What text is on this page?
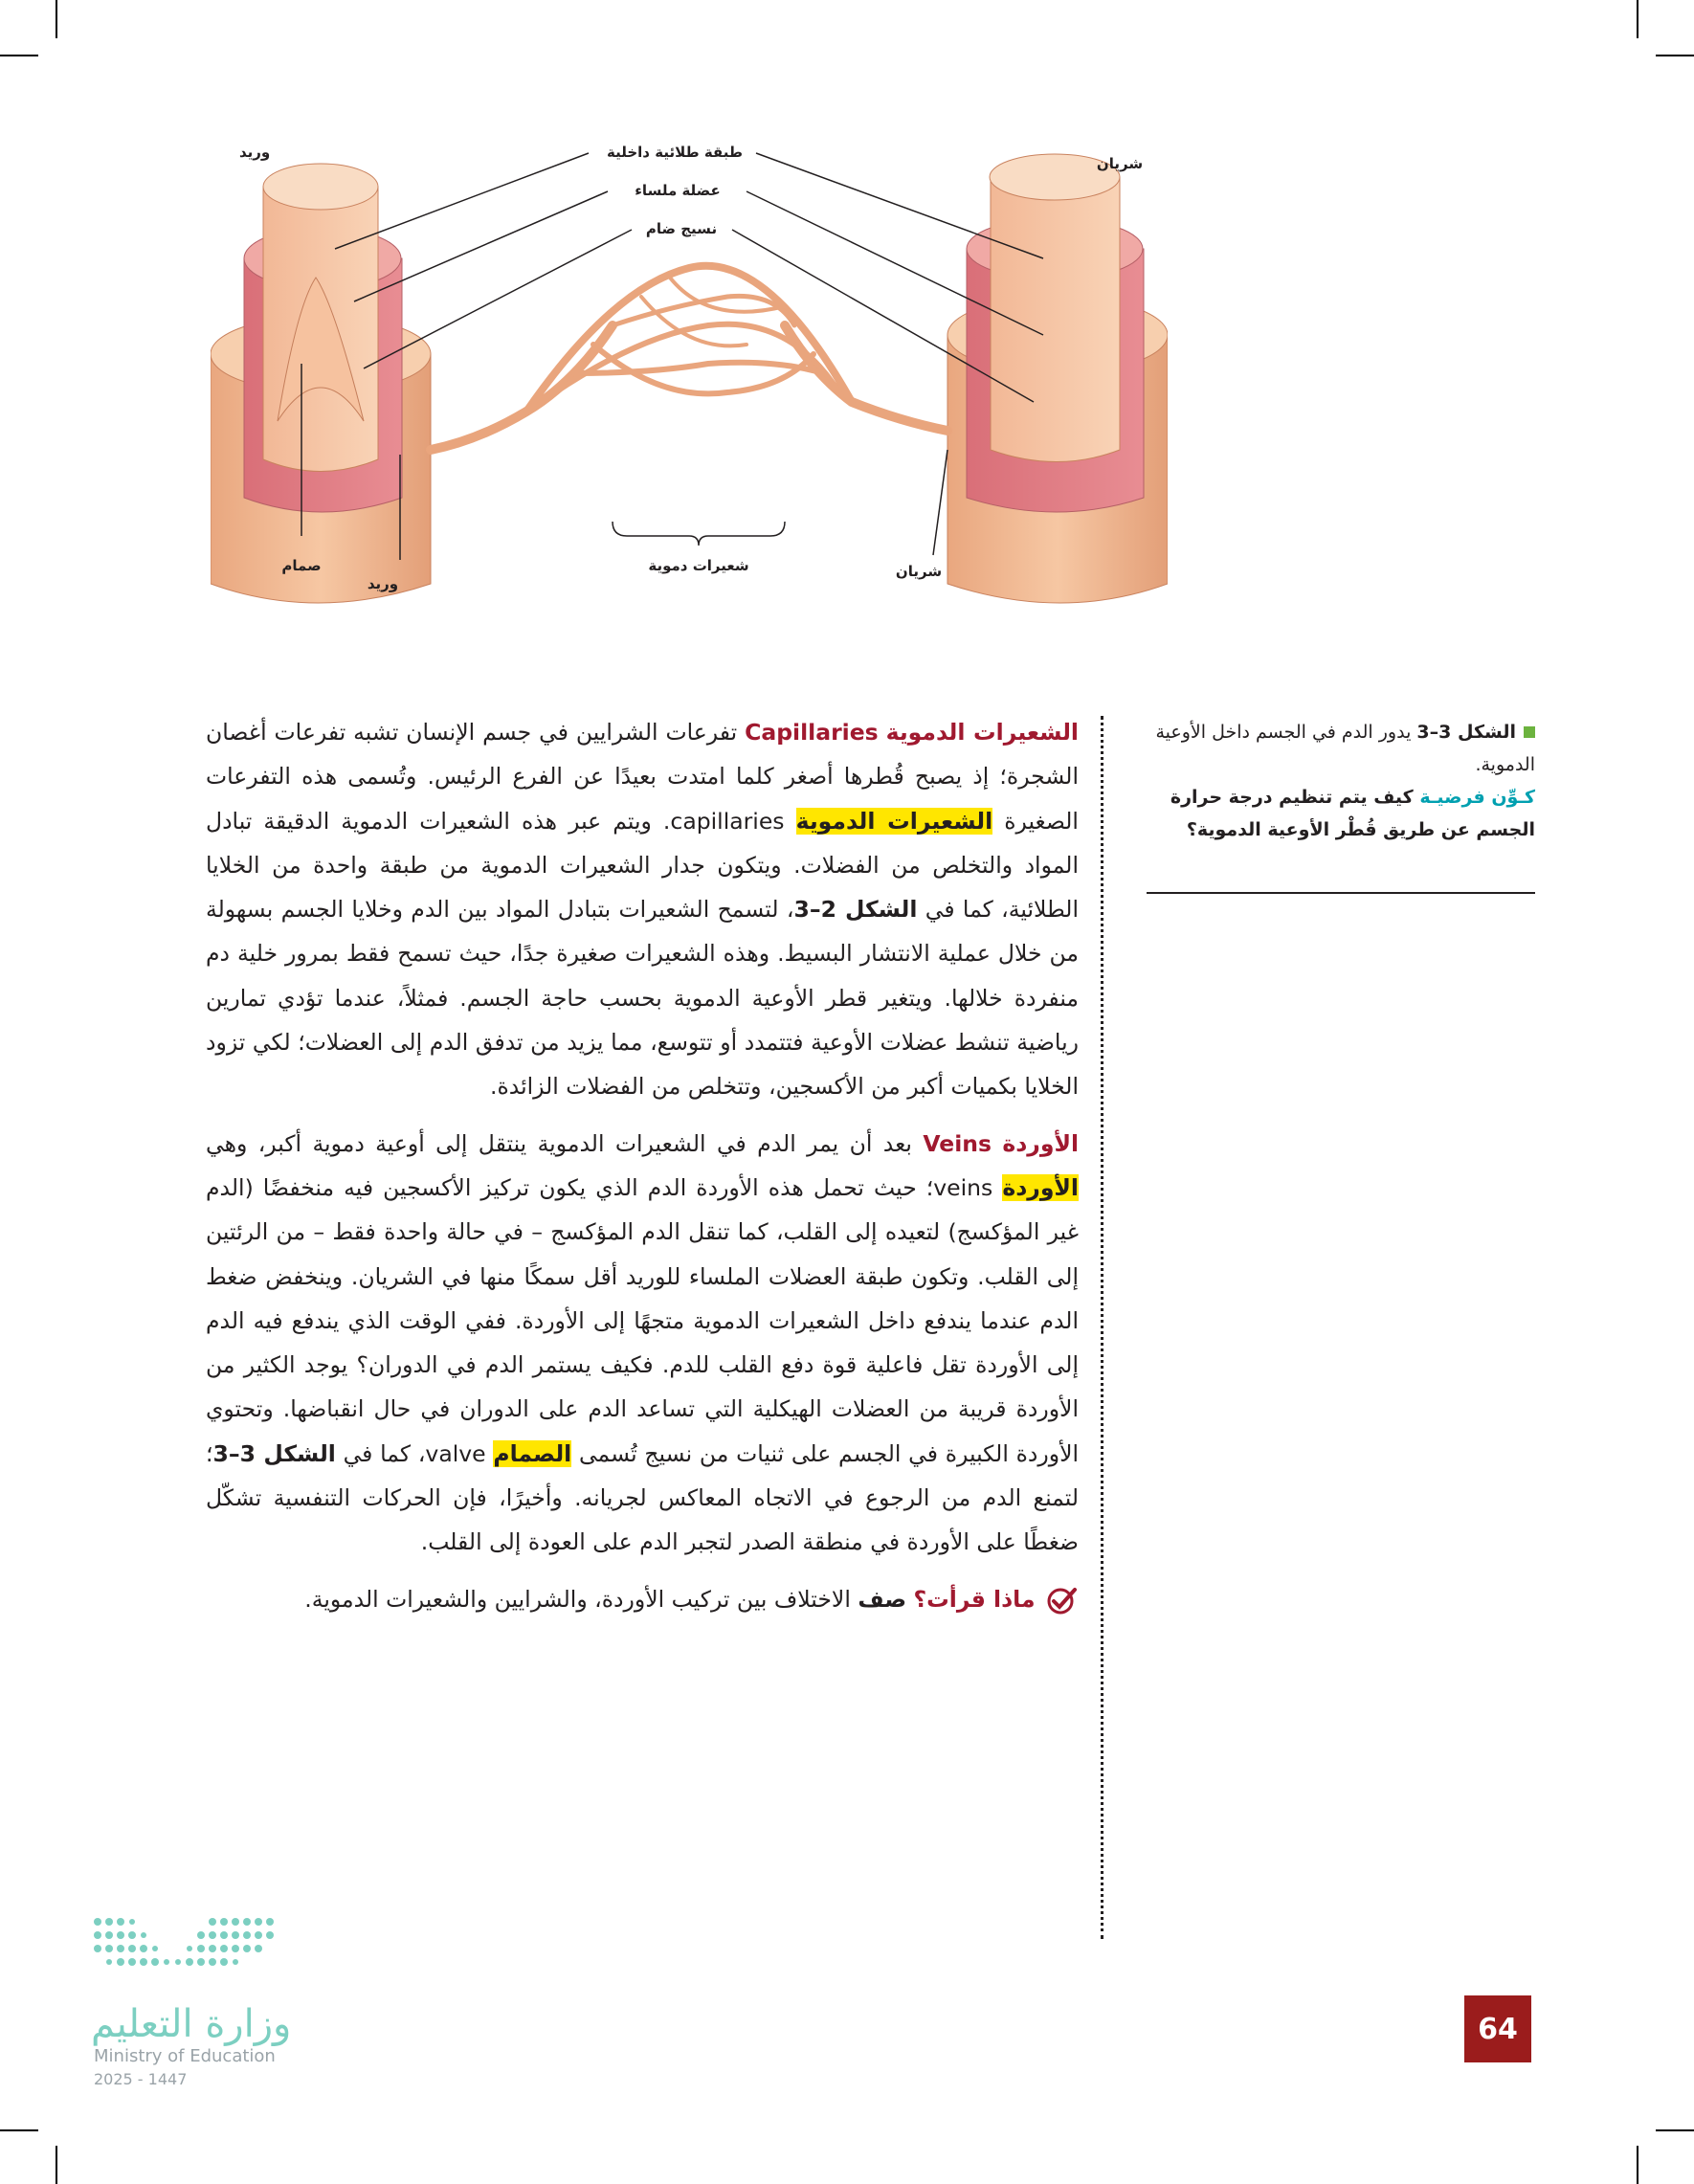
وريد	طبقة طلائية داخلية
شريان
عضلة ملساء
نسيج ضام
صمام
وريد
شعيرات دموية	شريان

الشكل 3–3 يدور الدم في الجسم داخل الأوعية الدموية.

كـوِّن فرضيـة كيف يتم تنظيم درجة حرارة الجسم عن طريق قُطْر الأوعية الدموية؟

الشعيرات الدموية Capillaries تفرعات الشرايين في جسم الإنسان تشبه تفرعات أغصان الشجرة؛ إذ يصبح قُطرها أصغر كلما امتدت بعيدًا عن الفرع الرئيس. وتُسمى هذه التفرعات الصغيرة الشعيرات الدموية capillaries. ويتم عبر هذه الشعيرات الدموية الدقيقة تبادل المواد والتخلص من الفضلات. ويتكون جدار الشعيرات الدموية من طبقة واحدة من الخلايا الطلائية، كما في الشكل 2–3، لتسمح الشعيرات بتبادل المواد بين الدم وخلايا الجسم بسهولة من خلال عملية الانتشار البسيط. وهذه الشعيرات صغيرة جدًا، حيث تسمح فقط بمرور خلية دم منفردة خلالها. ويتغير قطر الأوعية الدموية بحسب حاجة الجسم. فمثلاً، عندما تؤدي تمارين رياضية تنشط عضلات الأوعية فتتمدد أو تتوسع، مما يزيد من تدفق الدم إلى العضلات؛ لكي تزود الخلايا بكميات أكبر من الأكسجين، وتتخلص من الفضلات الزائدة.

الأوردة Veins بعد أن يمر الدم في الشعيرات الدموية ينتقل إلى أوعية دموية أكبر، وهي الأوردة veins؛ حيث تحمل هذه الأوردة الدم الذي يكون تركيز الأكسجين فيه منخفضًا (الدم غير المؤكسج) لتعيده إلى القلب، كما تنقل الدم المؤكسج – في حالة واحدة فقط – من الرئتين إلى القلب. وتكون طبقة العضلات الملساء للوريد أقل سمكًا منها في الشريان. وينخفض ضغط الدم عندما يندفع داخل الشعيرات الدموية متجهًا إلى الأوردة. ففي الوقت الذي يندفع فيه الدم إلى الأوردة تقل فاعلية قوة دفع القلب للدم. فكيف يستمر الدم في الدوران؟ يوجد الكثير من الأوردة قريبة من العضلات الهيكلية التي تساعد الدم على الدوران في حال انقباضها. وتحتوي الأوردة الكبيرة في الجسم على ثنيات من نسيج تُسمى الصمام valve، كما في الشكل 3–3؛ لتمنع الدم من الرجوع في الاتجاه المعاكس لجريانه. وأخيرًا، فإن الحركات التنفسية تشكّل ضغطًا على الأوردة في منطقة الصدر لتجبر الدم على العودة إلى القلب.

ماذا قرأت؟ صف الاختلاف بين تركيب الأوردة، والشرايين والشعيرات الدموية.

وزارة التعليم
Ministry of Education
2025 - 1447
64
